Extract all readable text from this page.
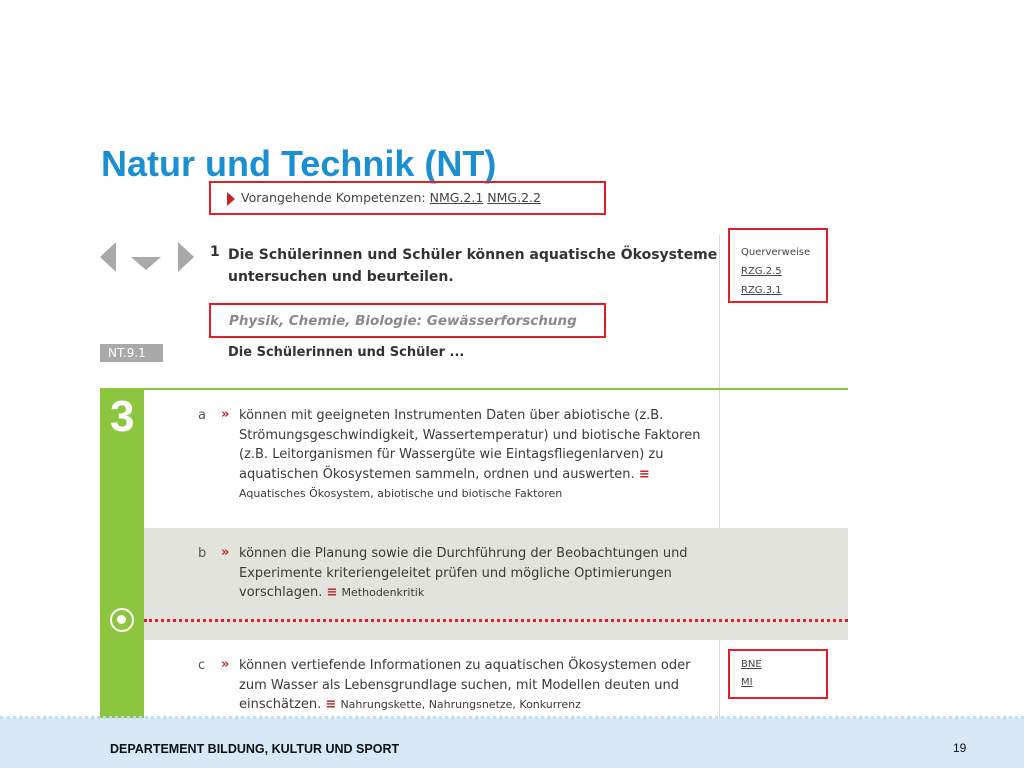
Natur und Technik (NT)
Vorangehende Kompetenzen: NMG.2.1 NMG.2.2
1 Die Schülerinnen und Schüler können aquatische Ökosysteme untersuchen und beurteilen.
Querverweise
RZG.2.5
RZG.3.1
Physik, Chemie, Biologie: Gewässerforschung
NT.9.1	Die Schülerinnen und Schüler ...
3	a » können mit geeigneten Instrumenten Daten über abiotische (z.B. Strömungsgeschwindigkeit, Wassertemperatur) und biotische Faktoren (z.B. Leitorganismen für Wassergüte wie Eintagsfliegenlarven) zu aquatischen Ökosystemen sammeln, ordnen und auswerten. ≡ Aquatisches Ökosystem, abiotische und biotische Faktoren
b » können die Planung sowie die Durchführung der Beobachtungen und Experimente kriteriengeleitet prüfen und mögliche Optimierungen vorschlagen. ≡ Methodenkritik
c » können vertiefende Informationen zu aquatischen Ökosystemen oder zum Wasser als Lebensgrundlage suchen, mit Modellen deuten und einschätzen. ≡ Nahrungskette, Nahrungsnetze, Konkurrenz
BNE
MI
DEPARTEMENT BILDUNG, KULTUR UND SPORT	19
